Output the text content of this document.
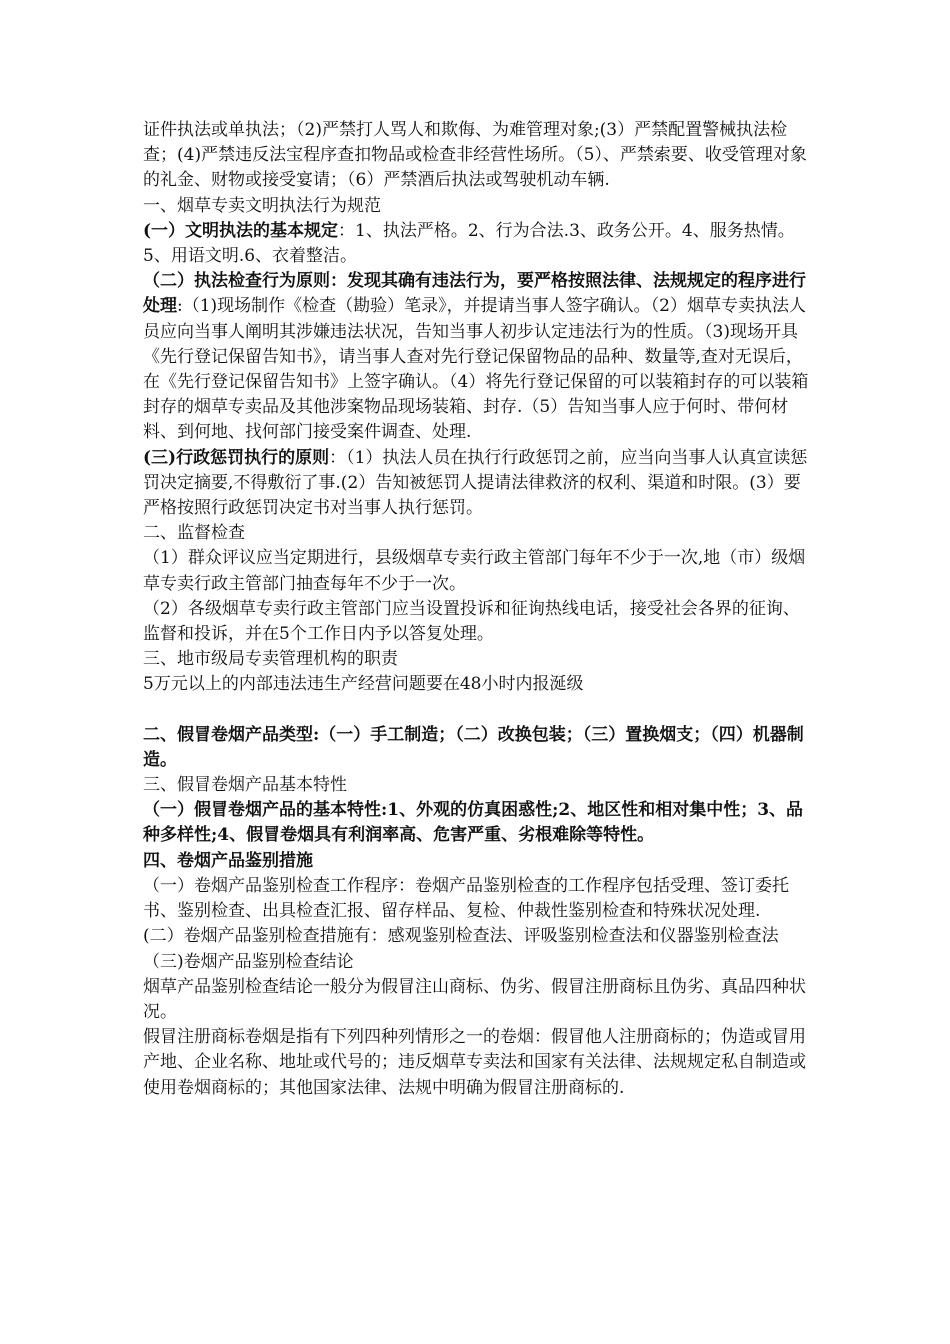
证件执法或单执法；（2)严禁打人骂人和欺侮、为难管理对象;(3）严禁配置警械执法检查；(4)严禁违反法宝程序查扣物品或检查非经营性场所。（5）、严禁索要、收受管理对象的礼金、财物或接受宴请；（6）严禁酒后执法或驾驶机动车辆.

一、烟草专卖文明执法行为规范

(一）文明执法的基本规定：1、执法严格。2、行为合法.3、政务公开。4、服务热情。5、用语文明.6、衣着整洁。

（二）执法检查行为原则：发现其确有违法行为，要严格按照法律、法规规定的程序进行处理:（1)现场制作《检查（勘验）笔录》，并提请当事人签字确认。（2）烟草专卖执法人员应向当事人阐明其涉嫌违法状况，告知当事人初步认定违法行为的性质。（3)现场开具《先行登记保留告知书》，请当事人查对先行登记保留物品的品种、数量等,查对无误后，在《先行登记保留告知书》上签字确认。（4）将先行登记保留的可以装箱封存的可以装箱封存的烟草专卖品及其他涉案物品现场装箱、封存.（5）告知当事人应于何时、带何材料、到何地、找何部门接受案件调查、处理.

(三)行政惩罚执行的原则：（1）执法人员在执行行政惩罚之前，应当向当事人认真宣读惩罚决定摘要,不得敷衍了事.(2）告知被惩罚人提请法律救济的权利、渠道和时限。(3）要严格按照行政惩罚决定书对当事人执行惩罚。

二、监督检查

（1）群众评议应当定期进行，县级烟草专卖行政主管部门每年不少于一次,地（市）级烟草专卖行政主管部门抽查每年不少于一次。

（2）各级烟草专卖行政主管部门应当设置投诉和征询热线电话，接受社会各界的征询、监督和投诉，并在5个工作日内予以答复处理。

三、地市级局专卖管理机构的职责

5万元以上的内部违法违生产经营问题要在48小时内报涎级

二、假冒卷烟产品类型:（一）手工制造；（二）改换包装；（三）置换烟支；（四）机器制造。

三、假冒卷烟产品基本特性

（一）假冒卷烟产品的基本特性:1、外观的仿真困惑性;2、地区性和相对集中性；3、品种多样性;4、假冒卷烟具有利润率高、危害严重、劣根难除等特性。

四、卷烟产品鉴别措施

（一）卷烟产品鉴别检查工作程序：卷烟产品鉴别检查的工作程序包括受理、签订委托书、鉴别检查、出具检查汇报、留存样品、复检、仲裁性鉴别检查和特殊状况处理.

(二）卷烟产品鉴别检查措施有：感观鉴别检查法、评吸鉴别检查法和仪器鉴别检查法

（三)卷烟产品鉴别检查结论

烟草产品鉴别检查结论一般分为假冒注山商标、伪劣、假冒注册商标且伪劣、真品四种状况。

假冒注册商标卷烟是指有下列四种列情形之一的卷烟：假冒他人注册商标的；伪造或冒用产地、企业名称、地址或代号的；违反烟草专卖法和国家有关法律、法规规定私自制造或使用卷烟商标的；其他国家法律、法规中明确为假冒注册商标的.
